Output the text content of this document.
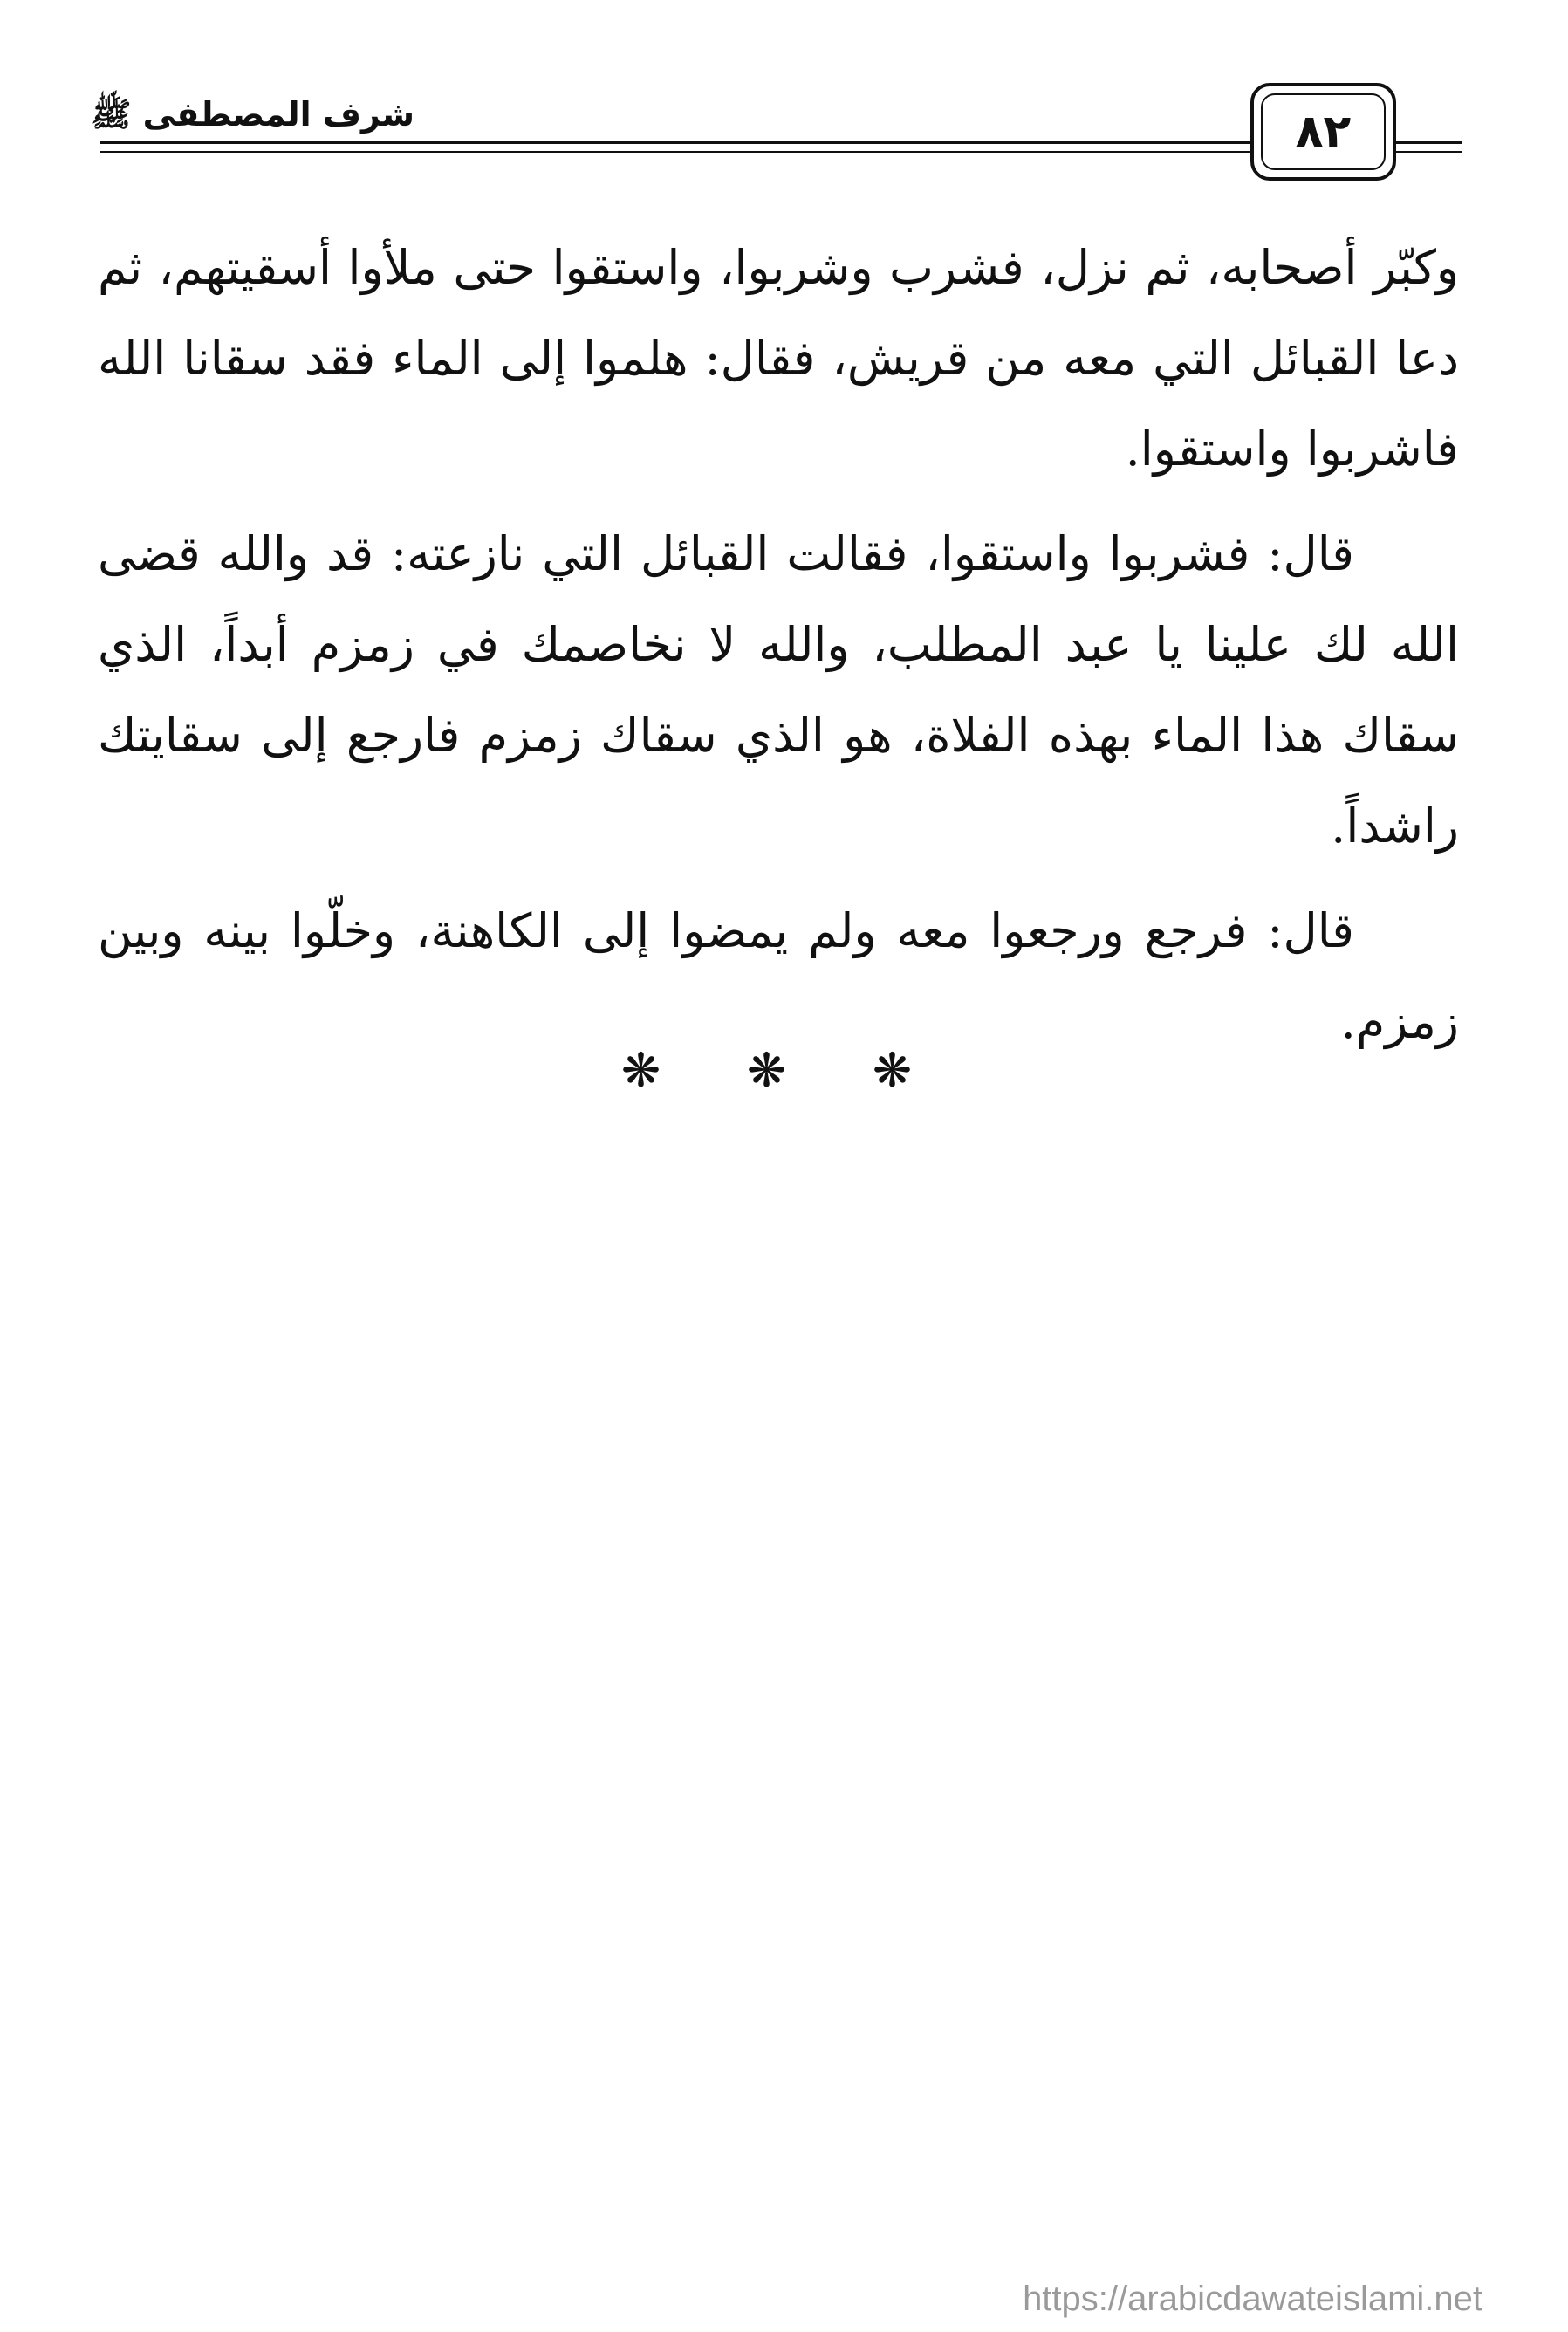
شرف المصطفى ﷺ	٨٢

وكبّر أصحابه، ثم نزل، فشرب وشربوا، واستقوا حتى ملأوا أسقيتهم، ثم دعا القبائل التي معه من قريش، فقال: هلموا إلى الماء فقد سقانا الله فاشربوا واستقوا.

قال: فشربوا واستقوا، فقالت القبائل التي نازعته: قد والله قضى الله لك علينا يا عبد المطلب، والله لا نخاصمك في زمزم أبداً، الذي سقاك هذا الماء بهذه الفلاة، هو الذي سقاك زمزم فارجع إلى سقايتك راشداً.

قال: فرجع ورجعوا معه ولم يمضوا إلى الكاهنة، وخلّوا بينه وبين زمزم.

❋ ❋ ❋
https://arabicdawateislami.net
